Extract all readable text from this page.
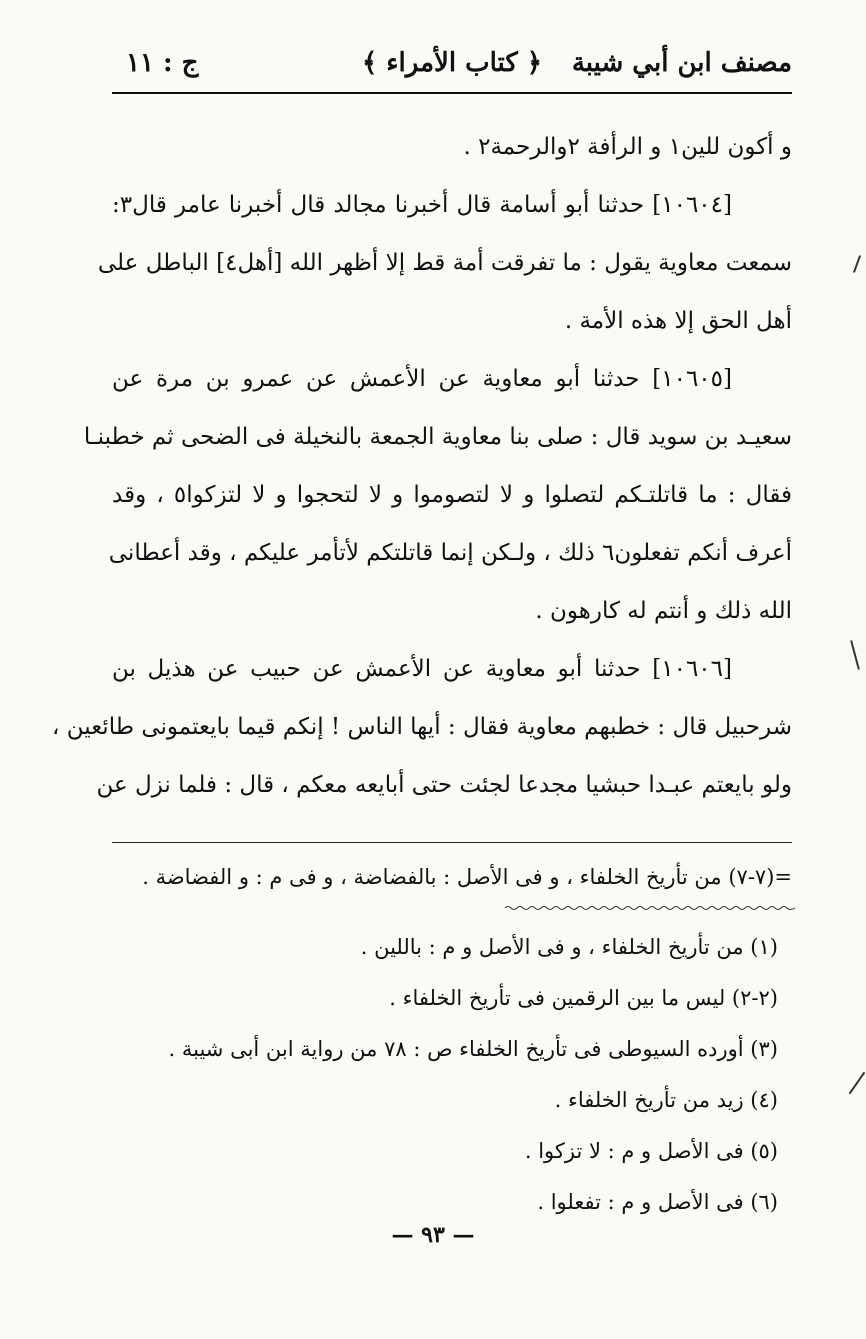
مصنف ابن أبي شيبة
﴿ كتاب الأمراء ﴾
ج : ١١
و أكون للين١ و الرأفة ٢والرحمة٢ .
[١٠٦٠٤] حدثنا أبو أسامة قال أخبرنا مجالد قال أخبرنا عامر قال٣:
سمعت معاوية يقول : ما تفرقت أمة قط إلا أظهر الله [أهل٤] الباطل على
أهل الحق إلا هذه الأمة .
[١٠٦٠٥] حدثنا أبو معاوية عن الأعمش عن عمرو بن مرة عن
سعيـد بن سويد قال : صلى بنا معاوية الجمعة بالنخيلة فى الضحى ثم خطبنـا
فقال : ما قاتلتـكم لتصلوا و لا لتصوموا و لا لتحجوا و لا لتزكوا٥ ، وقد
أعرف أنكم تفعلون٦ ذلك ، ولـكن إنما قاتلتكم لأتأمر عليكم ، وقد أعطانى
الله ذلك و أنتم له كارهون .
[١٠٦٠٦] حدثنا أبو معاوية عن الأعمش عن حبيب عن هذيل بن
شرحبيل قال : خطبهم معاوية فقال : أيها الناس ! إنكم قيما بايعتمونى طائعين ،
ولو بايعتم عبـدا حبشيا مجدعا لجئت حتى أبايعه معكم ، قال : فلما نزل عن
=(٧-٧) من تأريخ الخلفاء ، و فى الأصل : بالفضاضة ، و فى م : و الفضاضة .
(١) من تأريخ الخلفاء ، و فى الأصل و م : باللين .
(٢-٢) ليس ما بين الرقمين فى تأريخ الخلفاء .
(٣) أورده السيوطى فى تأريخ الخلفاء ص : ٧٨ من رواية ابن أبى شيبة .
(٤) زيد من تأريخ الخلفاء .
(٥) فى الأصل و م : لا تزكوا .
(٦) فى الأصل و م : تفعلوا .
— ٩٣ —
